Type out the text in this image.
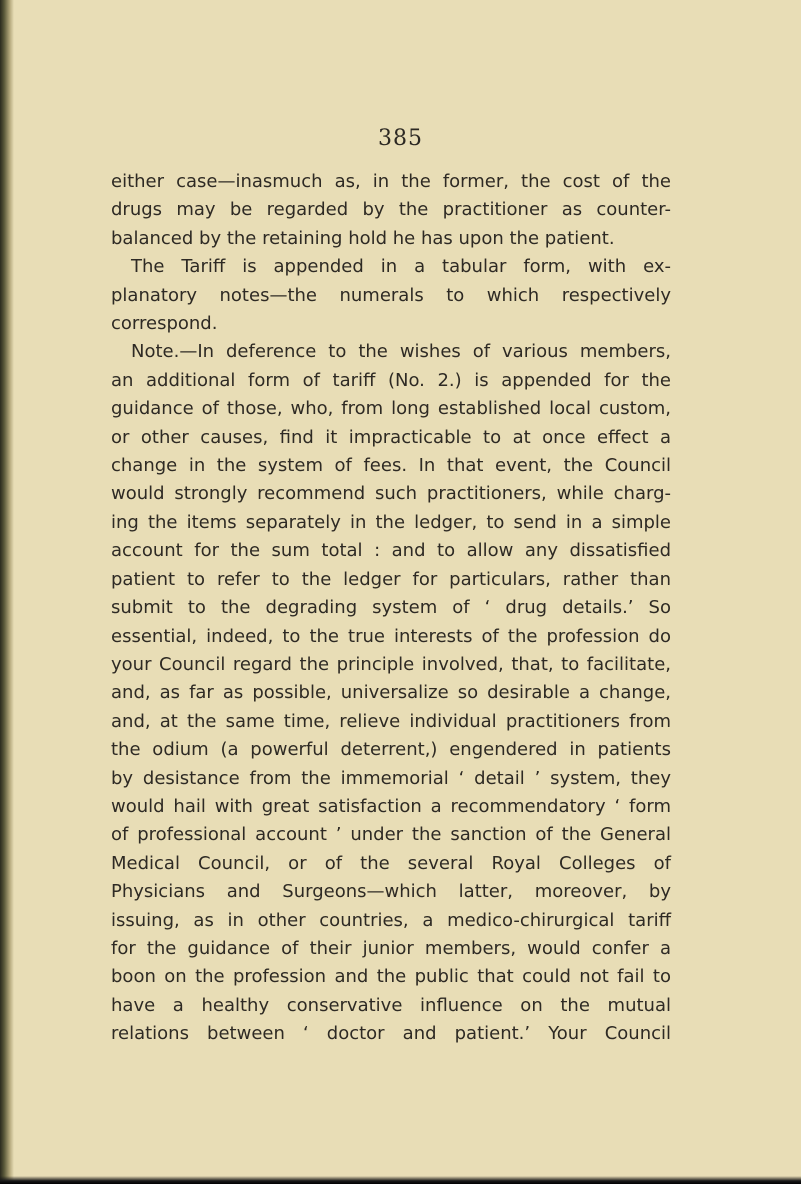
385
either case—inasmuch as, in the former, the cost of the
drugs may be regarded by the practitioner as counter-
balanced by the retaining hold he has upon the patient.
The Tariff is appended in a tabular form, with ex-
planatory notes—the numerals to which respectively
correspond.
Note.—In deference to the wishes of various members,
an additional form of tariff (No. 2.) is appended for the
guidance of those, who, from long established local custom,
or other causes, find it impracticable to at once effect a
change in the system of fees. In that event, the Council
would strongly recommend such practitioners, while charg-
ing the items separately in the ledger, to send in a simple
account for the sum total : and to allow any dissatisfied
patient to refer to the ledger for particulars, rather than
submit to the degrading system of ‘ drug details.’ So
essential, indeed, to the true interests of the profession do
your Council regard the principle involved, that, to facilitate,
and, as far as possible, universalize so desirable a change,
and, at the same time, relieve individual practitioners from
the odium (a powerful deterrent,) engendered in patients
by desistance from the immemorial ‘ detail ’ system, they
would hail with great satisfaction a recommendatory ‘ form
of professional account ’ under the sanction of the General
Medical Council, or of the several Royal Colleges of
Physicians and Surgeons—which latter, moreover, by
issuing, as in other countries, a medico-chirurgical tariff
for the guidance of their junior members, would confer a
boon on the profession and the public that could not fail to
have a healthy conservative influence on the mutual
relations between ‘ doctor and patient.’ Your Council
